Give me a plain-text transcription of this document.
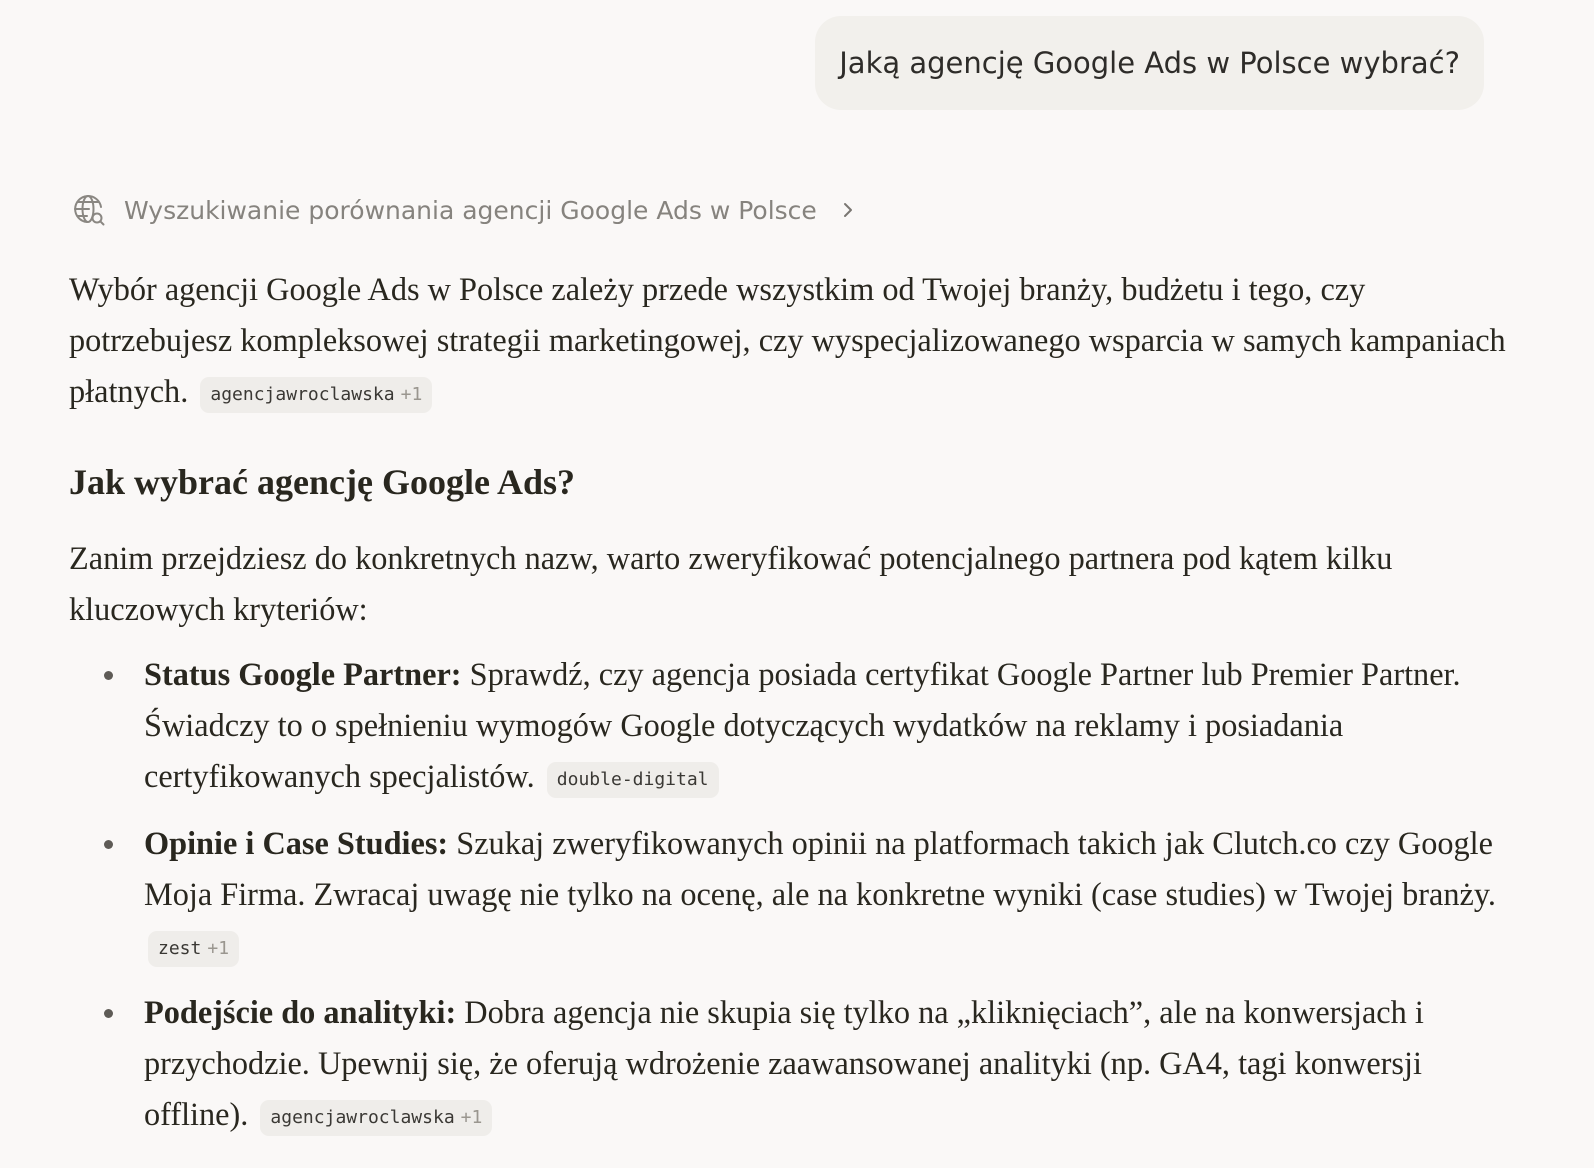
Jaką agencję Google Ads w Polsce wybrać?
Wyszukiwanie porównania agencji Google Ads w Polsce

Wybór agencji Google Ads w Polsce zależy przede wszystkim od Twojej branży, budżetu i tego, czy potrzebujesz kompleksowej strategii marketingowej, czy wyspecjalizowanego wsparcia w samych kampaniach płatnych. agencjawroclawska +1

Jak wybrać agencję Google Ads?

Zanim przejdziesz do konkretnych nazw, warto zweryfikować potencjalnego partnera pod kątem kilku kluczowych kryteriów:

Status Google Partner: Sprawdź, czy agencja posiada certyfikat Google Partner lub Premier Partner. Świadczy to o spełnieniu wymogów Google dotyczących wydatków na reklamy i posiadania certyfikowanych specjalistów. double-digital
Opinie i Case Studies: Szukaj zweryfikowanych opinii na platformach takich jak Clutch.co czy Google Moja Firma. Zwracaj uwagę nie tylko na ocenę, ale na konkretne wyniki (case studies) w Twojej branży. zest +1
Podejście do analityki: Dobra agencja nie skupia się tylko na „kliknięciach”, ale na konwersjach i przychodzie. Upewnij się, że oferują wdrożenie zaawansowanej analityki (np. GA4, tagi konwersji offline). agencjawroclawska +1
